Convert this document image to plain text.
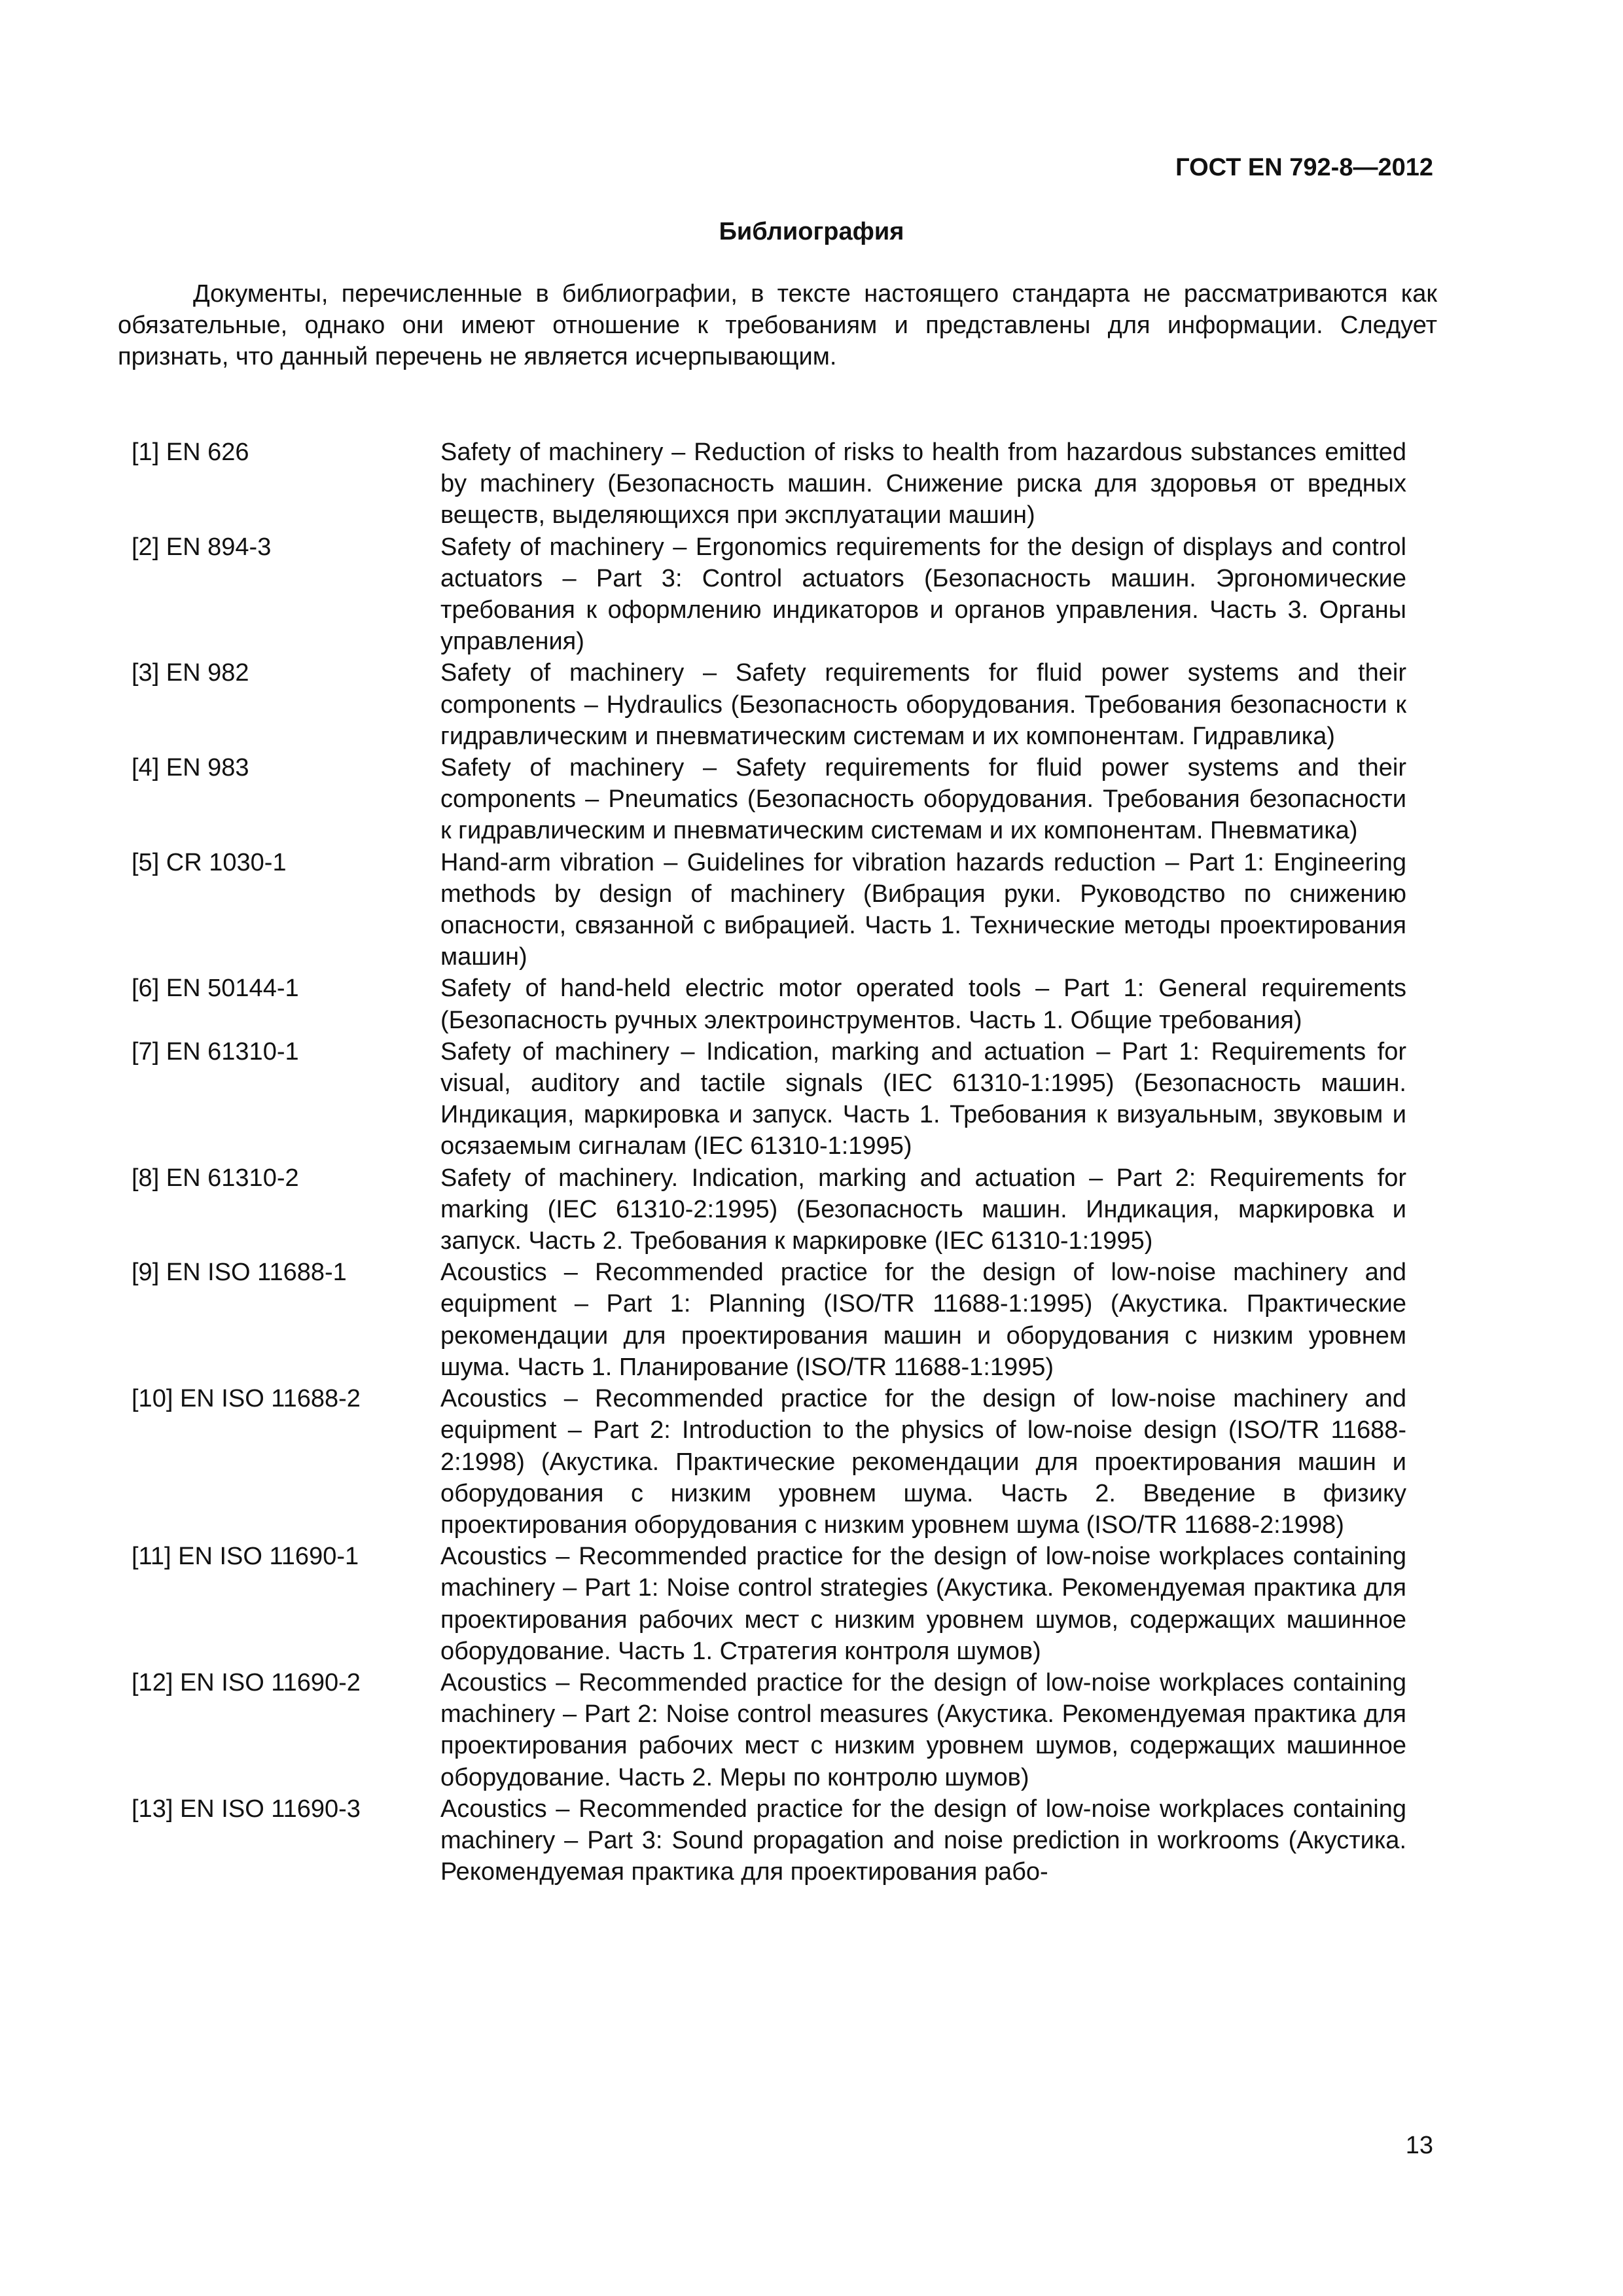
ГОСТ EN 792-8—2012
Библиография
Документы, перечисленные в библиографии, в тексте настоящего стандарта не рассматриваются как обязательные, однако они имеют отношение к требованиям и представлены для информации. Следует признать, что данный перечень не является исчерпывающим.
[1] EN 626	Safety of machinery – Reduction of risks to health from hazardous substances emitted by machinery (Безопасность машин. Снижение риска для здоровья от вредных веществ, выделяющихся при эксплуатации машин)
[2] EN 894-3	Safety of machinery – Ergonomics requirements for the design of displays and control actuators – Part 3: Control actuators (Безопасность машин. Эргономические требования к оформлению индикаторов и органов управления. Часть 3. Органы управления)
[3] EN 982	Safety of machinery – Safety requirements for fluid power systems and their components – Hydraulics (Безопасность оборудования. Требования безопасности к гидравлическим и пневматическим системам и их компонентам. Гидравлика)
[4] EN 983	Safety of machinery – Safety requirements for fluid power systems and their components – Pneumatics (Безопасность оборудования. Требования безопасности к гидравлическим и пневматическим системам и их компонентам. Пневматика)
[5] CR 1030-1	Hand-arm vibration – Guidelines for vibration hazards reduction – Part 1: Engineering methods by design of machinery (Вибрация руки. Руководство по снижению опасности, связанной с вибрацией. Часть 1. Технические методы проектирования машин)
[6] EN 50144-1	Safety of hand-held electric motor operated tools – Part 1: General requirements (Безопасность ручных электроинструментов. Часть 1. Общие требования)
[7] EN 61310-1	Safety of machinery – Indication, marking and actuation – Part 1: Requirements for visual, auditory and tactile signals (IEC 61310-1:1995) (Безопасность машин. Индикация, маркировка и запуск. Часть 1. Требования к визуальным, звуковым и осязаемым сигналам (IEC 61310-1:1995)
[8] EN 61310-2	Safety of machinery. Indication, marking and actuation – Part 2: Requirements for marking (IEC 61310-2:1995) (Безопасность машин. Индикация, маркировка и запуск. Часть 2. Требования к маркировке (IEC 61310-1:1995)
[9] EN ISO 11688-1	Acoustics – Recommended practice for the design of low-noise machinery and equipment – Part 1: Planning (ISO/TR 11688-1:1995) (Акустика. Практические рекомендации для проектирования машин и оборудования с низким уровнем шума. Часть 1. Планирование (ISO/TR 11688-1:1995)
[10] EN ISO 11688-2	Acoustics – Recommended practice for the design of low-noise machinery and equipment – Part 2: Introduction to the physics of low-noise design (ISO/TR 11688-2:1998) (Акустика. Практические рекомендации для проектирования машин и оборудования с низким уровнем шума. Часть 2. Введение в физику проектирования оборудования с низким уровнем шума (ISO/TR 11688-2:1998)
[11] EN ISO 11690-1	Acoustics – Recommended practice for the design of low-noise workplaces containing machinery – Part 1: Noise control strategies (Акустика. Рекомендуемая практика для проектирования рабочих мест с низким уровнем шумов, содержащих машинное оборудование. Часть 1. Стратегия контроля шумов)
[12] EN ISO 11690-2	Acoustics – Recommended practice for the design of low-noise workplaces containing machinery – Part 2: Noise control measures (Акустика. Рекомендуемая практика для проектирования рабочих мест с низким уровнем шумов, содержащих машинное оборудование. Часть 2. Меры по контролю шумов)
[13] EN ISO 11690-3	Acoustics – Recommended practice for the design of low-noise workplaces containing machinery – Part 3: Sound propagation and noise prediction in workrooms (Акустика. Рекомендуемая практика для проектирования рабо-
13
